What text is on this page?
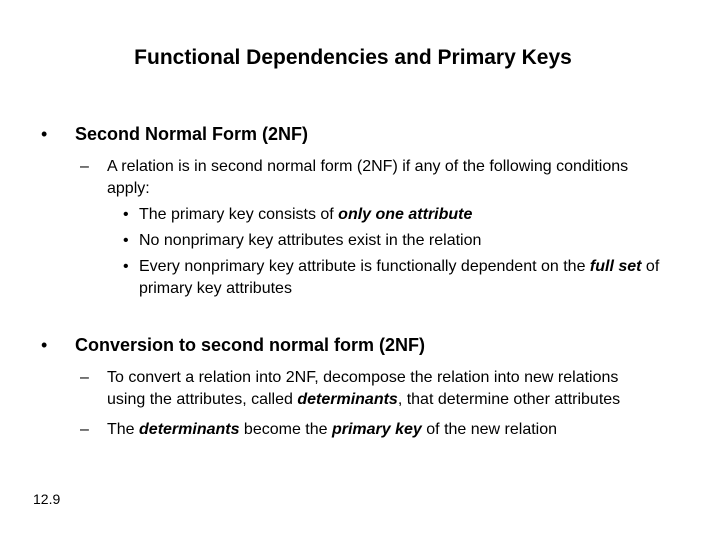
Functional Dependencies and Primary Keys
• Second Normal Form (2NF)
– A relation is in second normal form (2NF) if any of the following conditions apply:
• The primary key consists of only one attribute
• No nonprimary key attributes exist in the relation
• Every nonprimary key attribute is functionally dependent on the full set of primary key attributes
• Conversion to second normal form (2NF)
– To convert a relation into 2NF, decompose the relation into new relations using the attributes, called determinants, that determine other attributes
– The determinants become the primary key of the new relation
12.9
